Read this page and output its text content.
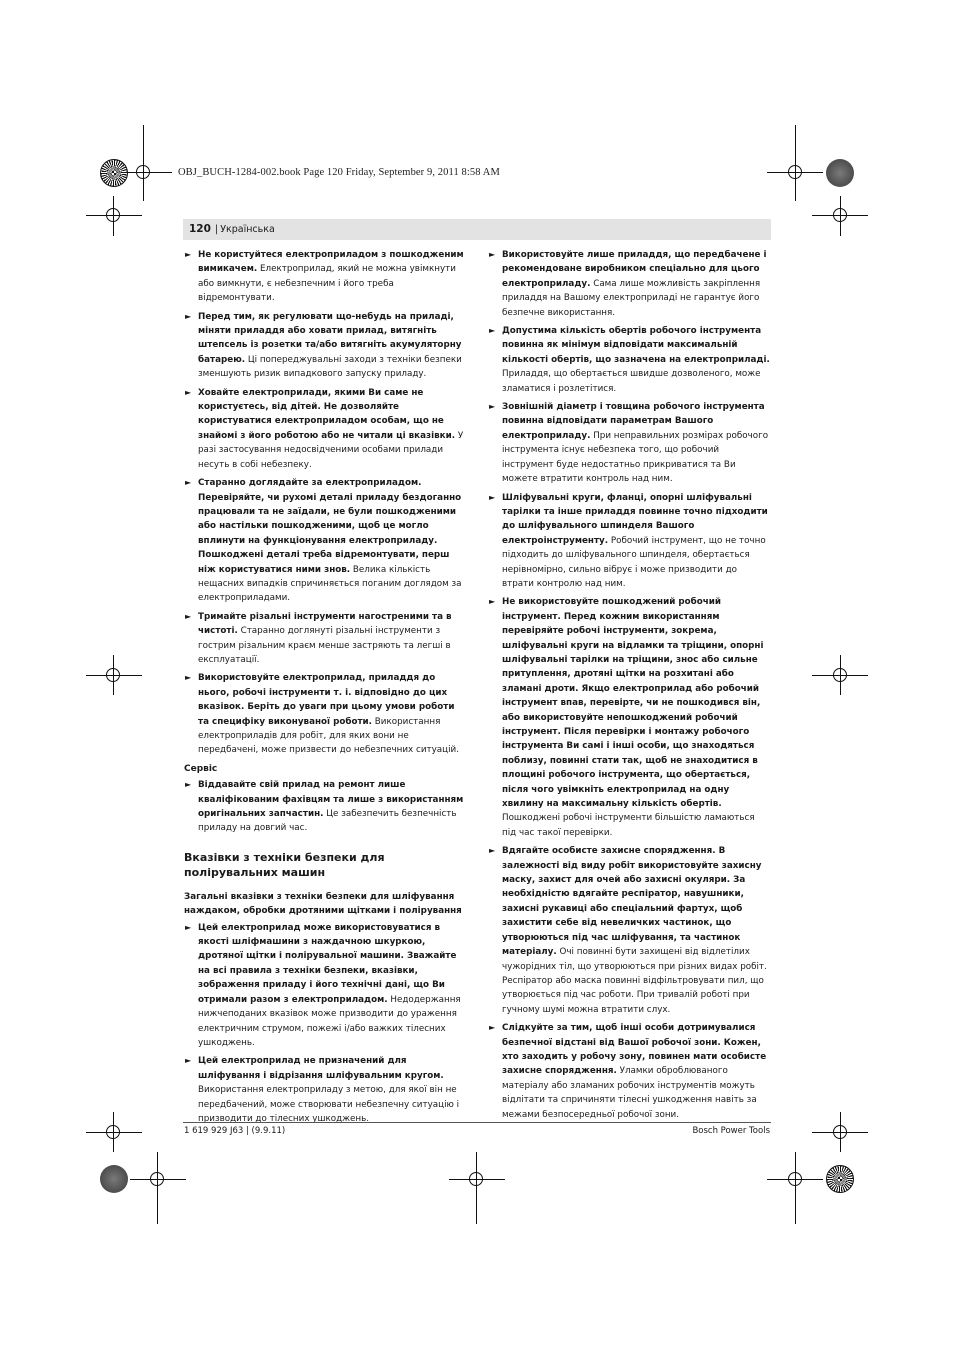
OBJ_BUCH-1284-002.book Page 120 Friday, September 9, 2011 8:58 AM
120
| Українська
► Не користуйтеся електроприладом з пошкодженим вимикачем. Електроприлад, який не можна увімкнути або вимкнути, є небезпечним і його треба відремонтувати.
► Перед тим, як регулювати що-небудь на приладі, міняти приладдя або ховати прилад, витягніть штепсель із розетки та/або витягніть акумуляторну батарею. Ці попереджувальні заходи з техніки безпеки зменшують ризик випадкового запуску приладу.
► Ховайте електроприлади, якими Ви саме не користуєтесь, від дітей. Не дозволяйте користуватися електроприладом особам, що не знайомі з його роботою або не читали ці вказівки. У разі застосування недосвідченими особами прилади несуть в собі небезпеку.
► Старанно доглядайте за електроприладом. Перевіряйте, чи рухомі деталі приладу бездоганно працювали та не заїдали, не були пошкодженими або настільки пошкодженими, щоб це могло вплинути на функціонування електроприладу. Пошкоджені деталі треба відремонтувати, перш ніж користуватися ними знов. Велика кількість нещасних випадків спричиняється поганим доглядом за електроприладами.
► Тримайте різальні інструменти нагостреними та в чистоті. Старанно доглянуті різальні інструменти з гострим різальним краєм менше застряють та легші в експлуатації.
► Використовуйте електроприлад, приладдя до нього, робочі інструменти т. і. відповідно до цих вказівок. Беріть до уваги при цьому умови роботи та специфіку виконуваної роботи. Використання електроприладів для робіт, для яких вони не передбачені, може призвести до небезпечних ситуацій.
Сервіс
► Віддавайте свій прилад на ремонт лише кваліфікованим фахівцям та лише з використанням оригінальних запчастин. Це забезпечить безпечність приладу на довгий час.
Вказівки з техніки безпеки для полірувальних машин
Загальні вказівки з техніки безпеки для шліфування наждаком, обробки дротяними щітками і полірування
► Цей електроприлад може використовуватися в якості шліфмашини з наждачною шкуркою, дротяної щітки і полірувальної машини. Зважайте на всі правила з техніки безпеки, вказівки, зображення приладу і його технічні дані, що Ви отримали разом з електроприладом. Недодержання нижчеподаних вказівок може призводити до ураження електричним струмом, пожежі і/або важких тілесних ушкоджень.
► Цей електроприлад не призначений для шліфування і відрізання шліфувальним кругом. Використання електроприладу з метою, для якої він не передбачений, може створювати небезпечну ситуацію і призводити до тілесних ушкоджень.
► Використовуйте лише приладдя, що передбачене і рекомендоване виробником спеціально для цього електроприладу. Сама лише можливість закріплення приладдя на Вашому електроприладі не гарантує його безпечне використання.
► Допустима кількість обертів робочого інструмента повинна як мінімум відповідати максимальній кількості обертів, що зазначена на електроприладі. Приладдя, що обертається швидше дозволеного, може зламатися і розлетітися.
► Зовнішній діаметр і товщина робочого інструмента повинна відповідати параметрам Вашого електроприладу. При неправильних розмірах робочого інструмента існує небезпека того, що робочий інструмент буде недостатньо прикриватися та Ви можете втратити контроль над ним.
► Шліфувальні круги, фланці, опорні шліфувальні тарілки та інше приладдя повинне точно підходити до шліфувального шпинделя Вашого електроінструменту. Робочий інструмент, що не точно підходить до шліфувального шпинделя, обертається нерівномірно, сильно вібрує і може призводити до втрати контролю над ним.
► Не використовуйте пошкоджений робочий інструмент. Перед кожним використанням перевіряйте робочі інструменти, зокрема, шліфувальні круги на відламки та тріщини, опорні шліфувальні тарілки на тріщини, знос або сильне притуплення, дротяні щітки на розхитані або зламані дроти. Якщо електроприлад або робочий інструмент впав, перевірте, чи не пошкодився він, або використовуйте непошкоджений робочий інструмент. Після перевірки і монтажу робочого інструмента Ви самі і інші особи, що знаходяться поблизу, повинні стати так, щоб не знаходитися в площині робочого інструмента, що обертається, після чого увімкніть електроприлад на одну хвилину на максимальну кількість обертів. Пошкоджені робочі інструменти більшістю ламаються під час такої перевірки.
► Вдягайте особисте захисне спорядження. В залежності від виду робіт використовуйте захисну маску, захист для очей або захисні окуляри. За необхідністю вдягайте респіратор, навушники, захисні рукавиці або спеціальний фартух, щоб захистити себе від невеличких частинок, що утворюються під час шліфування, та частинок матеріалу. Очі повинні бути захищені від відлетілих чужорідних тіл, що утворюються при різних видах робіт. Респіратор або маска повинні відфільтровувати пил, що утворюється під час роботи. При тривалій роботі при гучному шумі можна втратити слух.
► Слідкуйте за тим, щоб інші особи дотримувалися безпечної відстані від Вашої робочої зони. Кожен, хто заходить у робочу зону, повинен мати особисте захисне спорядження. Уламки оброблюваного матеріалу або зламаних робочих інструментів можуть відлітати та спричиняти тілесні ушкодження навіть за межами безпосередньої робочої зони.
1 619 929 J63 | (9.9.11)	Bosch Power Tools
